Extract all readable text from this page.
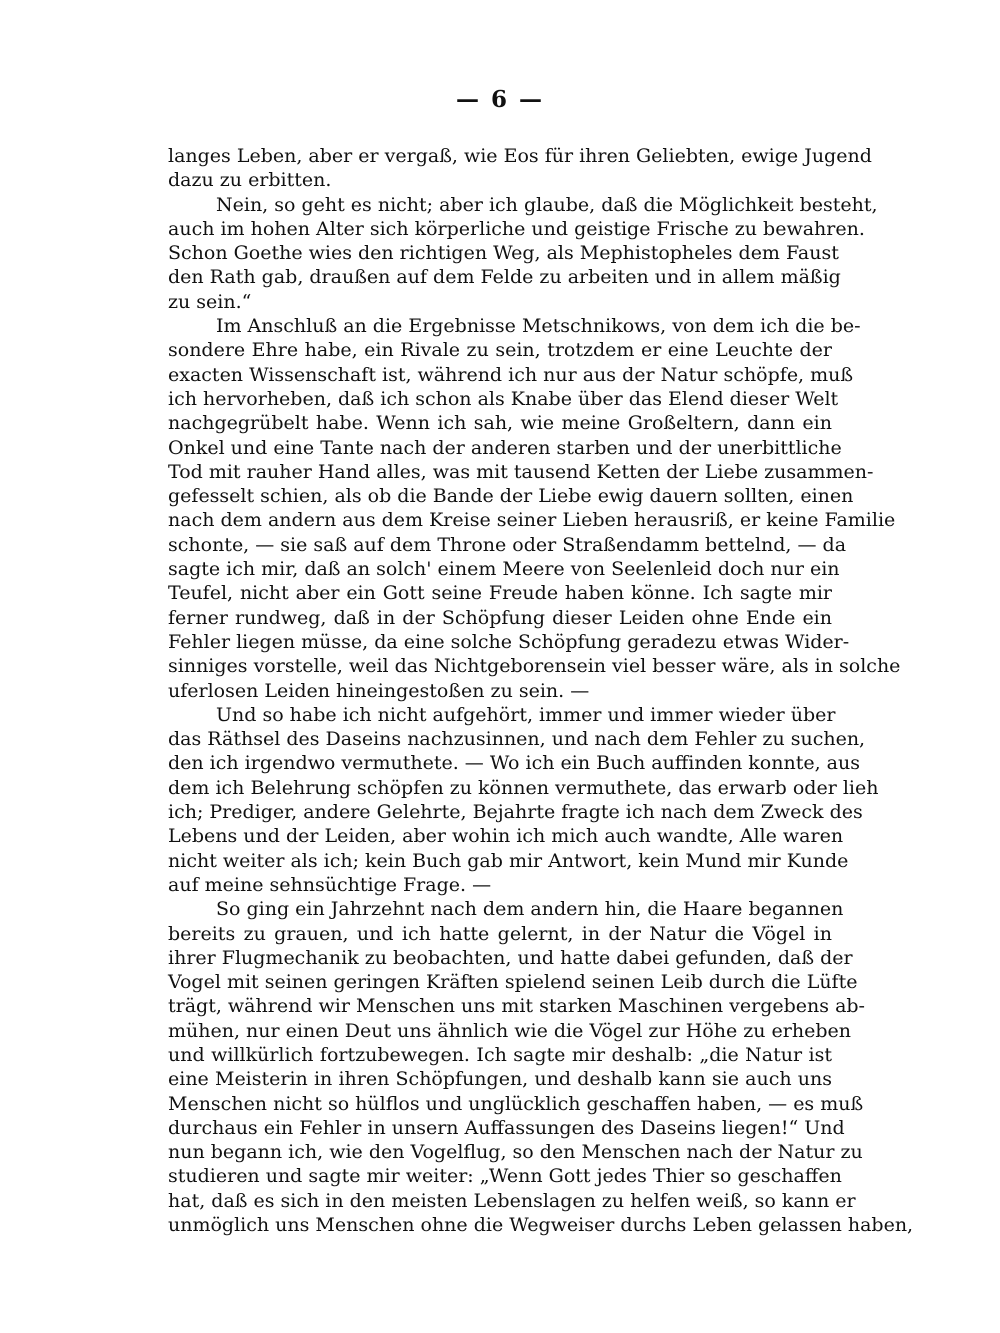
— 6 —
langes Leben, aber er vergaß, wie Eos für ihren Geliebten, ewige Jugend
dazu zu erbitten.
Nein, so geht es nicht; aber ich glaube, daß die Möglichkeit besteht,
auch im hohen Alter sich körperliche und geistige Frische zu bewahren.
Schon Goethe wies den richtigen Weg, als Mephistopheles dem Faust
den Rath gab, draußen auf dem Felde zu arbeiten und in allem mäßig
zu sein.“
Im Anschluß an die Ergebnisse Metschnikows, von dem ich die be-
sondere Ehre habe, ein Rivale zu sein, trotzdem er eine Leuchte der
exacten Wissenschaft ist, während ich nur aus der Natur schöpfe, muß
ich hervorheben, daß ich schon als Knabe über das Elend dieser Welt
nachgegrübelt habe. Wenn ich sah, wie meine Großeltern, dann ein
Onkel und eine Tante nach der anderen starben und der unerbittliche
Tod mit rauher Hand alles, was mit tausend Ketten der Liebe zusammen-
gefesselt schien, als ob die Bande der Liebe ewig dauern sollten, einen
nach dem andern aus dem Kreise seiner Lieben herausriß, er keine Familie
schonte, — sie saß auf dem Throne oder Straßendamm bettelnd, — da
sagte ich mir, daß an solch' einem Meere von Seelenleid doch nur ein
Teufel, nicht aber ein Gott seine Freude haben könne. Ich sagte mir
ferner rundweg, daß in der Schöpfung dieser Leiden ohne Ende ein
Fehler liegen müsse, da eine solche Schöpfung geradezu etwas Wider-
sinniges vorstelle, weil das Nichtgeborensein viel besser wäre, als in solche
uferlosen Leiden hineingestoßen zu sein. —
Und so habe ich nicht aufgehört, immer und immer wieder über
das Räthsel des Daseins nachzusinnen, und nach dem Fehler zu suchen,
den ich irgendwo vermuthete. — Wo ich ein Buch auffinden konnte, aus
dem ich Belehrung schöpfen zu können vermuthete, das erwarb oder lieh
ich; Prediger, andere Gelehrte, Bejahrte fragte ich nach dem Zweck des
Lebens und der Leiden, aber wohin ich mich auch wandte, Alle waren
nicht weiter als ich; kein Buch gab mir Antwort, kein Mund mir Kunde
auf meine sehnsüchtige Frage. —
So ging ein Jahrzehnt nach dem andern hin, die Haare begannen
bereits zu grauen, und ich hatte gelernt, in der Natur die Vögel in
ihrer Flugmechanik zu beobachten, und hatte dabei gefunden, daß der
Vogel mit seinen geringen Kräften spielend seinen Leib durch die Lüfte
trägt, während wir Menschen uns mit starken Maschinen vergebens ab-
mühen, nur einen Deut uns ähnlich wie die Vögel zur Höhe zu erheben
und willkürlich fortzubewegen. Ich sagte mir deshalb: „die Natur ist
eine Meisterin in ihren Schöpfungen, und deshalb kann sie auch uns
Menschen nicht so hülflos und unglücklich geschaffen haben, — es muß
durchaus ein Fehler in unsern Auffassungen des Daseins liegen!“ Und
nun begann ich, wie den Vogelflug, so den Menschen nach der Natur zu
studieren und sagte mir weiter: „Wenn Gott jedes Thier so geschaffen
hat, daß es sich in den meisten Lebenslagen zu helfen weiß, so kann er
unmöglich uns Menschen ohne die Wegweiser durchs Leben gelassen haben,
